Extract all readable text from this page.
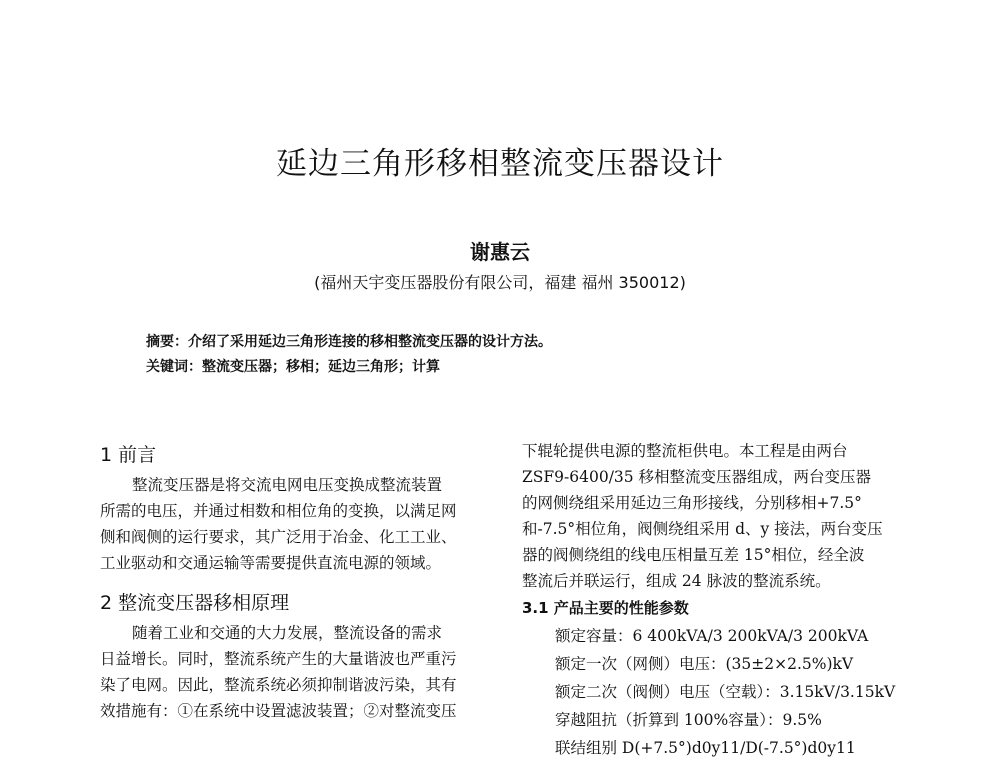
延边三角形移相整流变压器设计
谢惠云
(福州天宇变压器股份有限公司，福建 福州 350012)
摘要：介绍了采用延边三角形连接的移相整流变压器的设计方法。
关键词：整流变压器；移相；延边三角形；计算
1 前言
整流变压器是将交流电网电压变换成整流装置
所需的电压，并通过相数和相位角的变换，以满足网
侧和阀侧的运行要求，其广泛用于冶金、化工工业、
工业驱动和交通运输等需要提供直流电源的领域。
2 整流变压器移相原理
随着工业和交通的大力发展，整流设备的需求
日益增长。同时，整流系统产生的大量谐波也严重污
染了电网。因此，整流系统必须抑制谐波污染，其有
效措施有：①在系统中设置滤波装置；②对整流变压
下辊轮提供电源的整流柜供电。本工程是由两台
ZSF9-6400/35 移相整流变压器组成，两台变压器
的网侧绕组采用延边三角形接线，分别移相+7.5°
和-7.5°相位角，阀侧绕组采用 d、y 接法，两台变压
器的阀侧绕组的线电压相量互差 15°相位，经全波
整流后并联运行，组成 24 脉波的整流系统。
3.1 产品主要的性能参数
额定容量：6 400kVA/3 200kVA/3 200kVA
额定一次（网侧）电压：(35±2×2.5%)kV
额定二次（阀侧）电压（空载）：3.15kV/3.15kV
穿越阻抗（折算到 100%容量）：9.5%
联结组别 D(+7.5°)d0y11/D(-7.5°)d0y11
